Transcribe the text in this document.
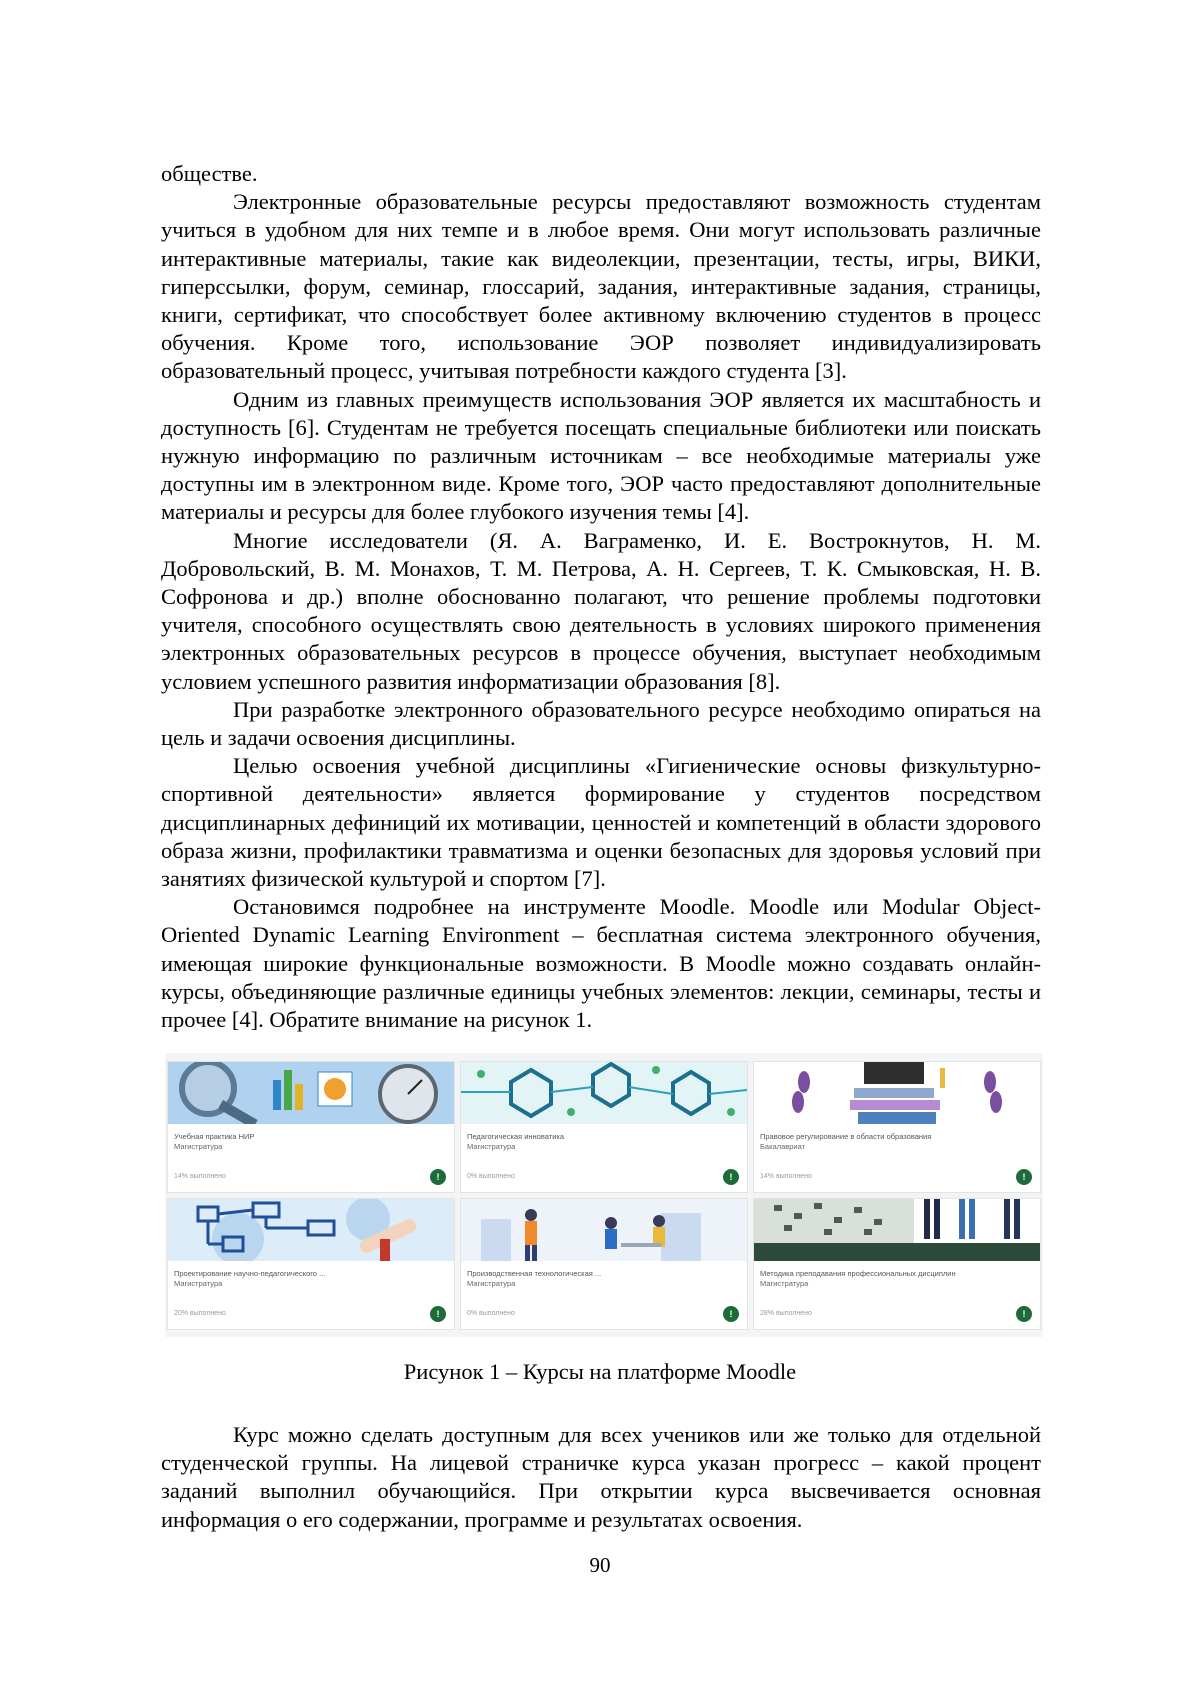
обществе.

Электронные образовательные ресурсы предоставляют возможность студентам учиться в удобном для них темпе и в любое время. Они могут использовать различные интерактивные материалы, такие как видеолекции, презентации, тесты, игры, ВИКИ, гиперссылки, форум, семинар, глоссарий, задания, интерактивные задания, страницы, книги, сертификат, что способствует более активному включению студентов в процесс обучения. Кроме того, использование ЭОР позволяет индивидуализировать образовательный процесс, учитывая потребности каждого студента [3].

Одним из главных преимуществ использования ЭОР является их масштабность и доступность [6]. Студентам не требуется посещать специальные библиотеки или поискать нужную информацию по различным источникам – все необходимые материалы уже доступны им в электронном виде. Кроме того, ЭОР часто предоставляют дополнительные материалы и ресурсы для более глубокого изучения темы [4].

Многие исследователи (Я. А. Ваграменко, И. Е. Вострокнутов, Н. М. Добровольский, В. М. Монахов, Т. М. Петрова, А. Н. Сергеев, Т. К. Смыковская, Н. В. Софронова и др.) вполне обоснованно полагают, что решение проблемы подготовки учителя, способного осуществлять свою деятельность в условиях широкого применения электронных образовательных ресурсов в процессе обучения, выступает необходимым условием успешного развития информатизации образования [8].

При разработке электронного образовательного ресурсе необходимо опираться на цель и задачи освоения дисциплины.

Целью освоения учебной дисциплины «Гигиенические основы физкультурно-спортивной деятельности» является формирование у студентов посредством дисциплинарных дефиниций их мотивации, ценностей и компетенций в области здорового образа жизни, профилактики травматизма и оценки безопасных для здоровья условий при занятиях физической культурой и спортом [7].

Остановимся подробнее на инструменте Moodle. Moodle или Modular Object-Oriented Dynamic Learning Environment – бесплатная система электронного обучения, имеющая широкие функциональные возможности. В Moodle можно создавать онлайн-курсы, объединяющие различные единицы учебных элементов: лекции, семинары, тесты и прочее [4]. Обратите внимание на рисунок 1.

Учебная практика НИР
Магистратура
14% выполнено	!
Педагогическая инноватика
Магистратура
0% выполнено	!
Правовое регулирование в области образования
Бакалавриат
14% выполнено	!
Проектирование научно-педагогического ...
Магистратура
20% выполнено	!
Производственная технологическая ...
Магистратура
0% выполнено	!
Методика преподавания профессиональных дисциплин
Магистратура
28% выполнено	!
Рисунок 1 – Курсы на платформе Moodle

Курс можно сделать доступным для всех учеников или же только для отдельной студенческой группы. На лицевой страничке курса указан прогресс – какой процент заданий выполнил обучающийся. При открытии курса высвечивается основная информация о его содержании, программе и результатах освоения.

90
